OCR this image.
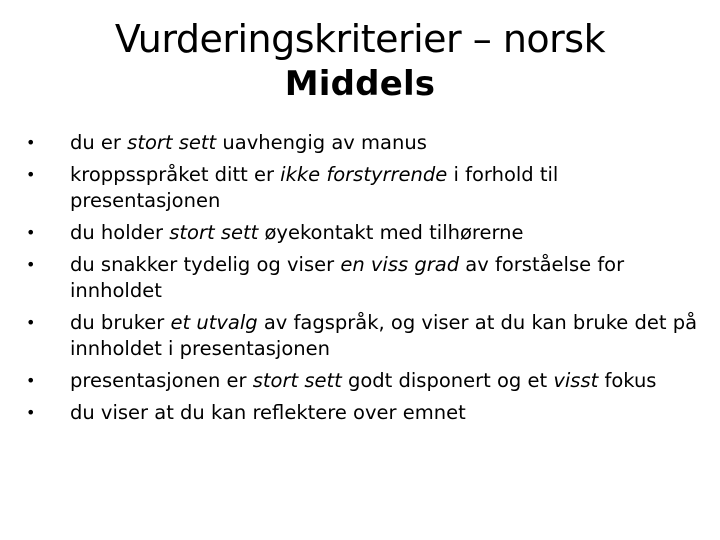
Vurderingskriterier – norsk
Middels
•	du er stort sett uavhengig av manus
•	kroppsspråket ditt er ikke forstyrrende i forhold til presentasjonen
•	du holder stort sett øyekontakt med tilhørerne
•	du snakker tydelig og viser en viss grad av forståelse for innholdet
•	du bruker et utvalg av fagspråk, og viser at du kan bruke det på innholdet i presentasjonen
•	presentasjonen er stort sett godt disponert og et visst fokus
•	du viser at du kan reflektere over emnet
